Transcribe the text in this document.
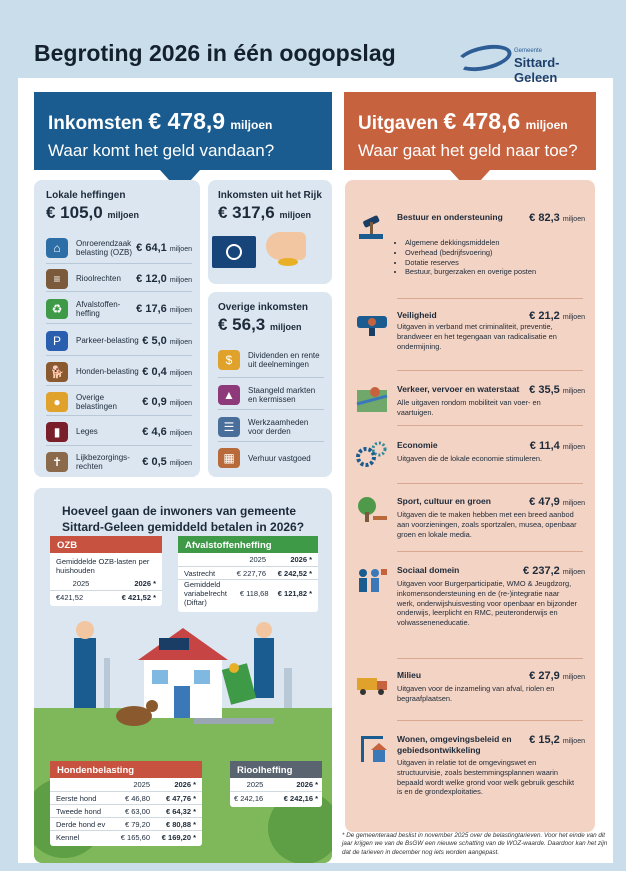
Begroting 2026 in één oogopslag	Gemeente
Sittard-Geleen
Inkomsten € 478,9 miljoen
Waar komt het geld vandaan?
Uitgaven € 478,6 miljoen
Waar gaat het geld naar toe?
Lokale heffingen
€ 105,0 miljoen
⌂	Onroerendzaak belasting (OZB) € 64,1 miljoen
≡	Rioolrechten	€ 12,0 miljoen
♻	Afvalstoffen-heffing	€ 17,6 miljoen
P	Parkeer-belasting € 5,0 miljoen
🐕	Honden-belasting € 0,4 miljoen
●	Overige belastingen	€ 0,9 miljoen
▮	Leges	€ 4,6 miljoen
✝	Lijkbezorgings-rechten	€ 0,5 miljoen
Inkomsten uit het Rijk
€ 317,6 miljoen
Overige inkomsten
€ 56,3 miljoen
$	Dividenden en rente uit deelnemingen
▲	Staangeld markten en kermissen
☰	Werkzaamheden voor derden
▦	Verhuur vastgoed
Bestuur en ondersteuning	€ 82,3 miljoen
• Algemene dekkingsmiddelen
• Overhead (bedrijfsvoering)
• Dotatie reserves
• Bestuur, burgerzaken en overige posten
Veiligheid	€ 21,2 miljoen
Uitgaven in verband met criminaliteit, preventie, brandweer en het tegengaan van radicalisatie en ondermijning.
Verkeer, vervoer en waterstaat € 35,5 miljoen
Alle uitgaven rondom mobiliteit van voer- en vaartuigen.
Economie	€ 11,4 miljoen
Uitgaven die de lokale economie stimuleren.
Sport, cultuur en groen	€ 47,9 miljoen
Uitgaven die te maken hebben met een breed aanbod aan voorzieningen, zoals sportzalen, musea, openbaar groen en lokale media.
Sociaal domein	€ 237,2 miljoen
Uitgaven voor Burgerparticipatie, WMO & Jeugdzorg, inkomensondersteuning en de (re-)integratie naar werk, onderwijshuisvesting voor openbaar en bijzonder onderwijs, leerplicht en RMC, peuteronderwijs en volwasseneneducatie.
Milieu	€ 27,9 miljoen
Uitgaven voor de inzameling van afval, riolen en begraafplaatsen.
Wonen, omgevingsbeleid en gebiedsontwikkeling
€ 15,2 miljoen
Uitgaven in relatie tot de omgevingswet en structuurvisie, zoals bestemmingsplannen waarin bepaald wordt welke grond voor welk gebruik geschikt is en de grondexploitaties.
Hoeveel gaan de inwoners van gemeente Sittard-Geleen gemiddeld betalen in 2026?
OZB
Gemiddelde OZB-lasten per huishouden
2025	2026 *
€421,52	€ 421,52 *
Afvalstoffenheffing
2025	2026 *
Vastrecht	€ 227,76	€ 242,52 *
Gemiddeld variabelrecht (Diftar)
€ 118,68	€ 121,82 *
Hondenbelasting
2025	2026 *
Eerste hond	€ 46,80	€ 47,76 *
Tweede hond	€ 63,00	€ 64,32 *
Derde hond ev	€ 79,20	€ 80,88 *
Kennel	€ 165,60	€ 169,20 *
Rioolheffing
2025	2026 *
€ 242,16	€ 242,16 *
* De gemeenteraad beslist in november 2025 over de belastingtarieven. Voor het einde van dit jaar krijgen we van de BsGW een nieuwe schatting van de WOZ-waarde. Daardoor kan het zijn dat de tarieven in december nog iets worden aangepast.
